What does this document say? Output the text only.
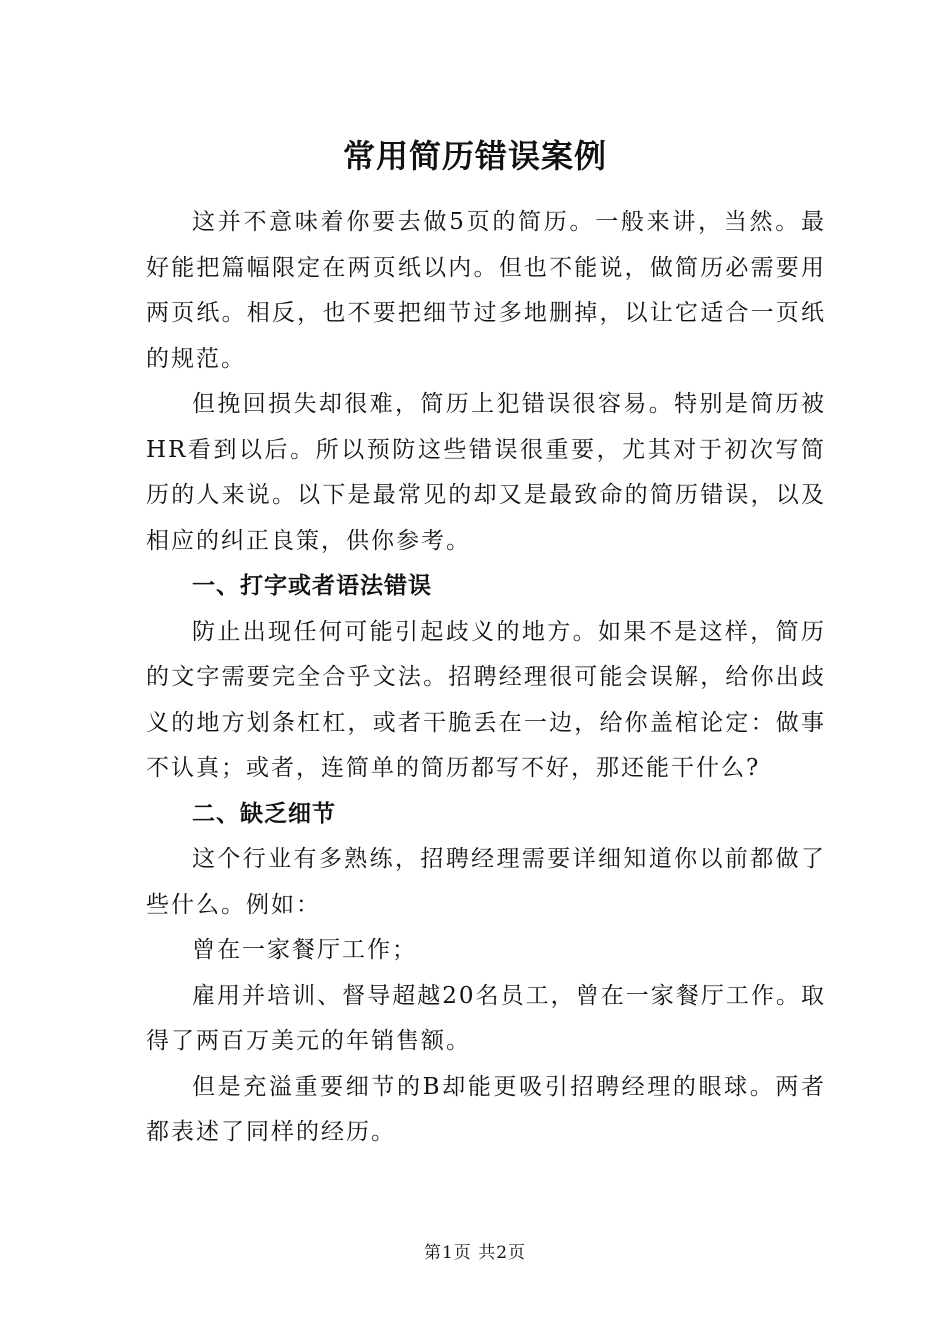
常用简历错误案例

这并不意味着你要去做5页的简历。一般来讲，当然。最好能把篇幅限定在两页纸以内。但也不能说，做简历必需要用两页纸。相反，也不要把细节过多地删掉，以让它适合一页纸的规范。

但挽回损失却很难，简历上犯错误很容易。特别是简历被HR看到以后。所以预防这些错误很重要，尤其对于初次写简历的人来说。以下是最常见的却又是最致命的简历错误，以及相应的纠正良策，供你参考。

一、打字或者语法错误

防止出现任何可能引起歧义的地方。如果不是这样，简历的文字需要完全合乎文法。招聘经理很可能会误解，给你出歧义的地方划条杠杠，或者干脆丢在一边，给你盖棺论定：做事不认真；或者，连简单的简历都写不好，那还能干什么?

二、缺乏细节

这个行业有多熟练，招聘经理需要详细知道你以前都做了些什么。例如：

曾在一家餐厅工作；

雇用并培训、督导超越20名员工，曾在一家餐厅工作。取得了两百万美元的年销售额。

但是充溢重要细节的B却能更吸引招聘经理的眼球。两者都表述了同样的经历。

第1页 共2页
